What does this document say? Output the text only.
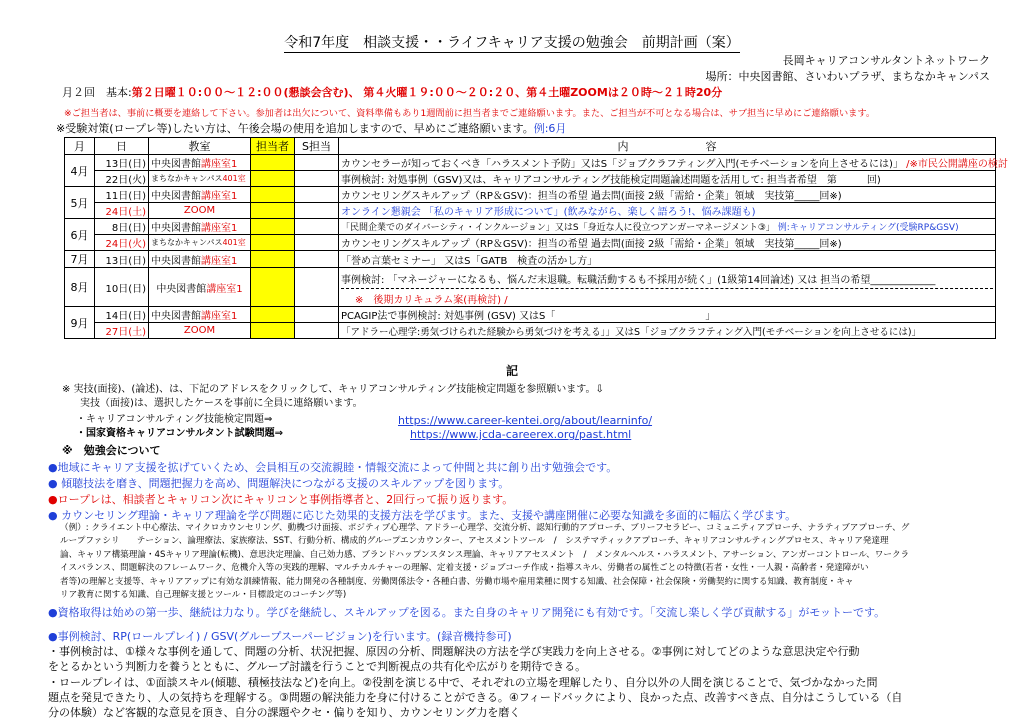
令和7年度　相談支援・・ライフキャリア支援の勉強会　前期計画（案）
長岡キャリアコンサルタントネットワーク
場所：中央図書館、さいわいプラザ、まちなかキャンパス
月２回　基本:第２日曜１０:００～１２:００(懇談会含む)、 第４火曜１９:００～２０:２０、第４土曜ZOOMは２０時～２１時20分
※ご担当者は、事前に概要を連絡して下さい。参加者は出欠について、資料準備もあり1週間前に担当者までご連絡願います。また、ご担当が不可となる場合は、サブ担当に早めにご連絡願います。
※受験対策(ロープレ等)したい方は、午後会場の使用を追加しますので、早めにご連絡願います。例:6月
月	日	教室	担当者	S担当	内　　　　　　　容
4月	13日(日)	中央図書館講座室1			カウンセラーが知っておくべき「ハラスメント予防」又はS「ジョブクラフティング入門(モチベーションを向上させるには)」 /※市民公開講座の検討
	22日(火)	まちなかキャンパス401室			事例検討: 対処事例（GSV)又は、キャリアコンサルティング技能検定問題論述問題を活用して: 担当者希望　第　　　回)
5月	11日(日)	中央図書館講座室1			カウンセリングスキルアップ（RP＆GSV)：担当の希望 過去問(面接 2級「需給・企業」領域　実技第_____回※)
	24日(土)	ZOOM			オンライン懇親会 「私のキャリア形成について」(飲みながら、楽しく語ろう!、悩み課題も)
6月	8日(日)	中央図書館講座室1			「民間企業でのダイバーシティ・インクルージョン」又はS「身近な人に役立つアンガーマネージメント③」 例:キャリアコンサルティング(受験RP&GSV)
	24日(火)	まちなかキャンパス401室			カウンセリングスキルアップ（RP＆GSV)：担当の希望 過去問(面接 2級「需給・企業」領域　実技第_____回※)
7月	13日(日)	中央図書館講座室1			「誉め言葉セミナー」 又はS「GATB　検査の活かし方」
8月	10日(日)	中央図書館講座室1			事例検討: 「マネージャーになるも、悩んだ末退職。転職活動するも不採用が続く」(1級第14回論述) 又は 担当の希望_____________
※　後期カリキュラム案(再検討) /

9月	14日(日)	中央図書館講座室1			PCAGIP法で事例検討: 対処事例 (GSV) 又はS「　　　　　　　　　　　　　　　」
	27日(土)	ZOOM			「アドラー心理学:勇気づけられた経験から勇気づけを考える」」又はS「ジョブクラフティング入門(モチベーションを向上させるには)」
記
※ 実技(面接)、(論述)、は、下記のアドレスをクリックして、キャリアコンサルティング技能検定問題を参照願います。⇩
実技（面接)は、選択したケースを事前に全員に連絡願います。
・キャリアコンサルティング技能検定問題⇒	https://www.career-kentei.org/about/learninfo/
・国家資格キャリアコンサルタント試験問題⇒	https://www.jcda-careerex.org/past.html
※　勉強会について
●地域にキャリア支援を拡げていくため、会員相互の交流親睦・情報交流によって仲間と共に創り出す勉強会です。
● 傾聴技法を磨き、問題把握力を高め、問題解決につながる支援のスキルアップを図ります。
●ロープレは、相談者とキャリコン次にキャリコンと事例指導者と、2回行って振り返ります。
● カウンセリング理論・キャリア理論を学び問題に応じた効果的支援方法を学びます。また、支援や講座開催に必要な知識を多面的に幅広く学びます。
（例）: クライエント中心療法、マイクロカウンセリング、動機づけ面接、ポジティブ心理学、アドラー心理学、交流分析、認知行動的アプローチ、ブリーフセラピー、コミュニティアプローチ、ナラティブアプローチ、グ
ループファシリ　　テーション、論理療法、家族療法、SST、行動分析、構成的グループエンカウンター、アセスメントツール　/　システマティックアプローチ、キャリアコンサルティングプロセス、キャリア発達理
論、キャリア構築理論・4Sキャリア理論(転機)、意思決定理論、自己効力感、ブランドハップンスタンス理論、キャリアアセスメント　/　メンタルヘルス・ハラスメント、アサーション、アンガーコントロール、ワークラ
イスバランス、問題解決のフレームワーク、危機介入等の実践的理解、マルチカルチャーの理解、定着支援・ジョブコーチ作成・指導スキル、労働者の属性ごとの特徴(若者・女性・一人親・高齢者・発達障がい
者等)の理解と支援等、キャリアアップに有効な訓練情報、能力開発の各種制度、労働関係法令・各種白書、労働市場や雇用業種に関する知識、社会保障・社会保険・労働契約に関する知識、教育制度・キャ
リア教育に関する知識、自己理解支援とツール・目標設定のコーチング等)
●資格取得は始めの第一歩、継続は力なり。学びを継続し、スキルアップを図る。また自身のキャリア開発にも有効です。「交流し楽しく学び貢献する」がモットーです。
●事例検討、RP(ロールプレイ) / GSV(グループスーパービジョン)を行います。(録音機持参可)
・事例検討は、①様々な事例を通して、問題の分析、状況把握、原因の分析、問題解決の方法を学び実践力を向上させる。②事例に対してどのような意思決定や行動
をとるかという判断力を養うとともに、グループ討議を行うことで判断視点の共有化や広がりを期待できる。
・ロールプレイは、①面談スキル(傾聴、積極技法など)を向上。②役割を演じる中で、それぞれの立場を理解したり、自分以外の人間を演じることで、気づかなかった問
題点を発見できたり、人の気持ちを理解する。③問題の解決能力を身に付けることができる。④フィードバックにより、良かった点、改善すべき点、自分はこうしている（自
分の体験）など客観的な意見を頂き、自分の課題やクセ・偏りを知り、カウンセリング力を磨く
